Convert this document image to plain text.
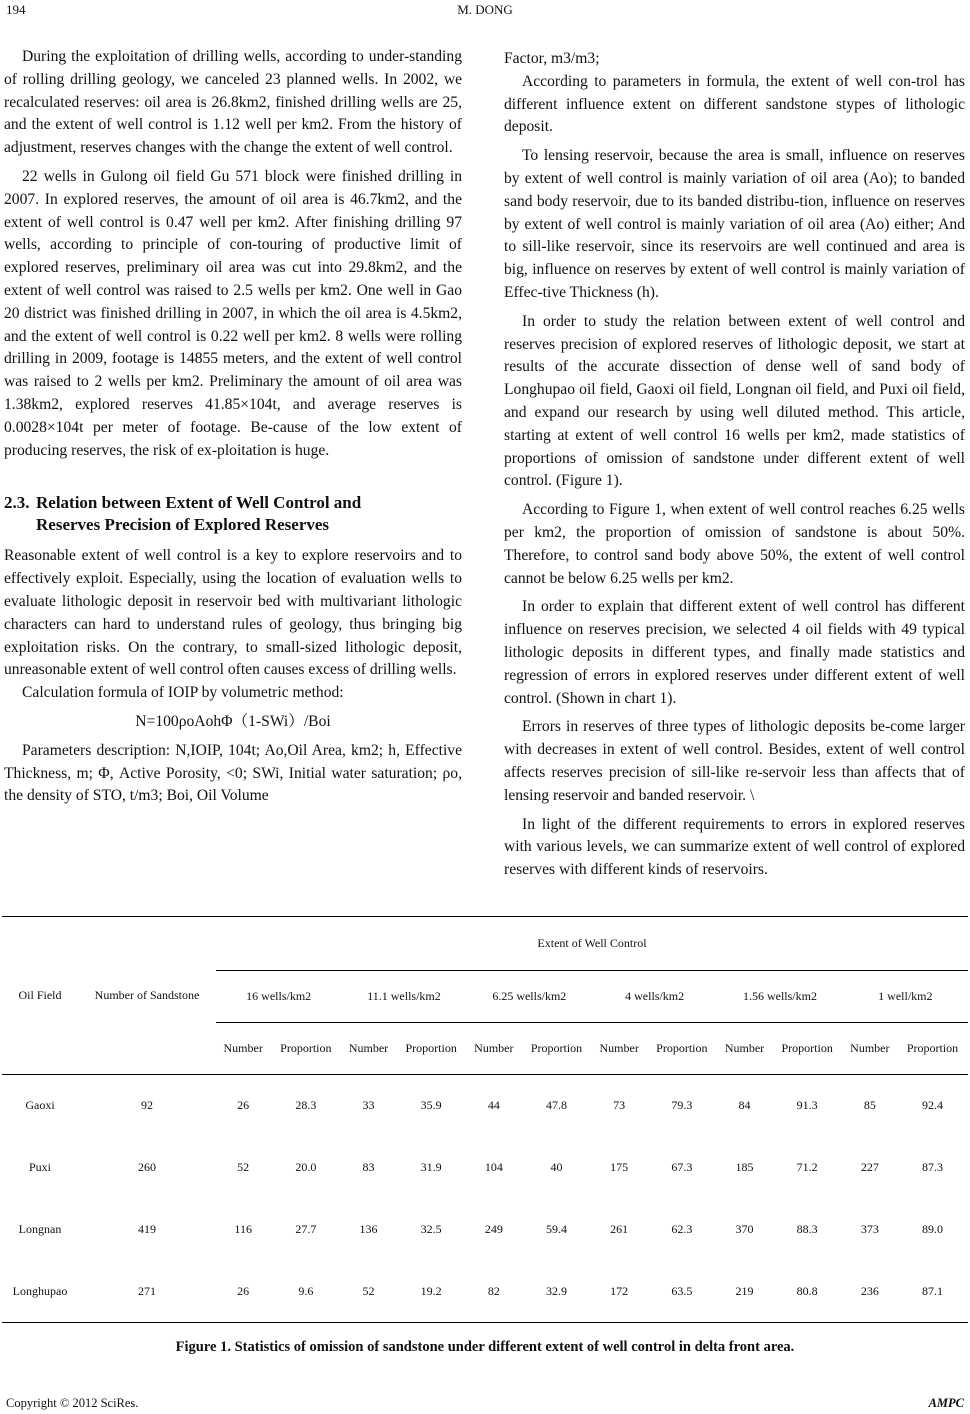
194	M. DONG

During the exploitation of drilling wells, according to under-standing of rolling drilling geology, we canceled 23 planned wells. In 2002, we recalculated reserves: oil area is 26.8km2, finished drilling wells are 25, and the extent of well control is 1.12 well per km2. From the history of adjustment, reserves changes with the change the extent of well control.

22 wells in Gulong oil field Gu 571 block were finished drilling in 2007. In explored reserves, the amount of oil area is 46.7km2, and the extent of well control is 0.47 well per km2. After finishing drilling 97 wells, according to principle of con-touring of productive limit of explored reserves, preliminary oil area was cut into 29.8km2, and the extent of well control was raised to 2.5 wells per km2. One well in Gao 20 district was finished drilling in 2007, in which the oil area is 4.5km2, and the extent of well control is 0.22 well per km2. 8 wells were rolling drilling in 2009, footage is 14855 meters, and the extent of well control was raised to 2 wells per km2. Preliminary the amount of oil area was 1.38km2, explored reserves 41.85×104t, and average reserves is 0.0028×104t per meter of footage. Be-cause of the low extent of producing reserves, the risk of ex-ploitation is huge.

2.3. Relation between Extent of Well Control and
Reserves Precision of Explored Reserves

Reasonable extent of well control is a key to explore reservoirs and to effectively exploit. Especially, using the location of evaluation wells to evaluate lithologic deposit in reservoir bed with multivariant lithologic characters can hard to understand rules of geology, thus bringing big exploitation risks. On the contrary, to small-sized lithologic deposit, unreasonable extent of well control often causes excess of drilling wells.

Calculation formula of IOIP by volumetric method:

N=100ρoAohΦ（1-SWi）/Boi

Parameters description: N,IOIP, 104t; Ao,Oil Area, km2; h, Effective Thickness, m; Φ, Active Porosity, <0; SWi, Initial water saturation; ρo, the density of STO, t/m3; Boi, Oil Volume

Factor, m3/m3;

According to parameters in formula, the extent of well con-trol has different influence extent on different sandstone stypes of lithologic deposit.

To lensing reservoir, because the area is small, influence on reserves by extent of well control is mainly variation of oil area (Ao); to banded sand body reservoir, due to its banded distribu-tion, influence on reserves by extent of well control is mainly variation of oil area (Ao) either; And to sill-like reservoir, since its reservoirs are well continued and area is big, influence on reserves by extent of well control is mainly variation of Effec-tive Thickness (h).

In order to study the relation between extent of well control and reserves precision of explored reserves of lithologic deposit, we start at results of the accurate dissection of dense well of sand body of Longhupao oil field, Gaoxi oil field, Longnan oil field, and Puxi oil field, and expand our research by using well diluted method. This article, starting at extent of well control 16 wells per km2, made statistics of proportions of omission of sandstone under different extent of well control. (Figure 1).

According to Figure 1, when extent of well control reaches 6.25 wells per km2, the proportion of omission of sandstone is about 50%. Therefore, to control sand body above 50%, the extent of well control cannot be below 6.25 wells per km2.

In order to explain that different extent of well control has different influence on reserves precision, we selected 4 oil fields with 49 typical lithologic deposits in different types, and finally made statistics and regression of errors in explored reserves under different extent of well control. (Shown in chart 1).

Errors in reserves of three types of lithologic deposits be-come larger with decreases in extent of well control. Besides, extent of well control affects reserves precision of sill-like re-servoir less than affects that of lensing reservoir and banded reservoir. \

In light of the different requirements to errors in explored reserves with various levels, we can summarize extent of well control of explored reserves with different kinds of reservoirs.

Oil Field	Number of Sandstone	Extent of Well Control											
		16 wells/km2		11.1 wells/km2		6.25 wells/km2		4 wells/km2		1.56 wells/km2		1 well/km2	
		Number	Proportion	Number	Proportion	Number	Proportion	Number	Proportion	Number	Proportion	Number	Proportion
Gaoxi	92	26	28.3	33	35.9	44	47.8	73	79.3	84	91.3	85	92.4
Puxi	260	52	20.0	83	31.9	104	40	175	67.3	185	71.2	227	87.3
Longnan	419	116	27.7	136	32.5	249	59.4	261	62.3	370	88.3	373	89.0
Longhupao	271	26	9.6	52	19.2	82	32.9	172	63.5	219	80.8	236	87.1
Figure 1. Statistics of omission of sandstone under different extent of well control in delta front area.
Copyright © 2012 SciRes.	AMPC
